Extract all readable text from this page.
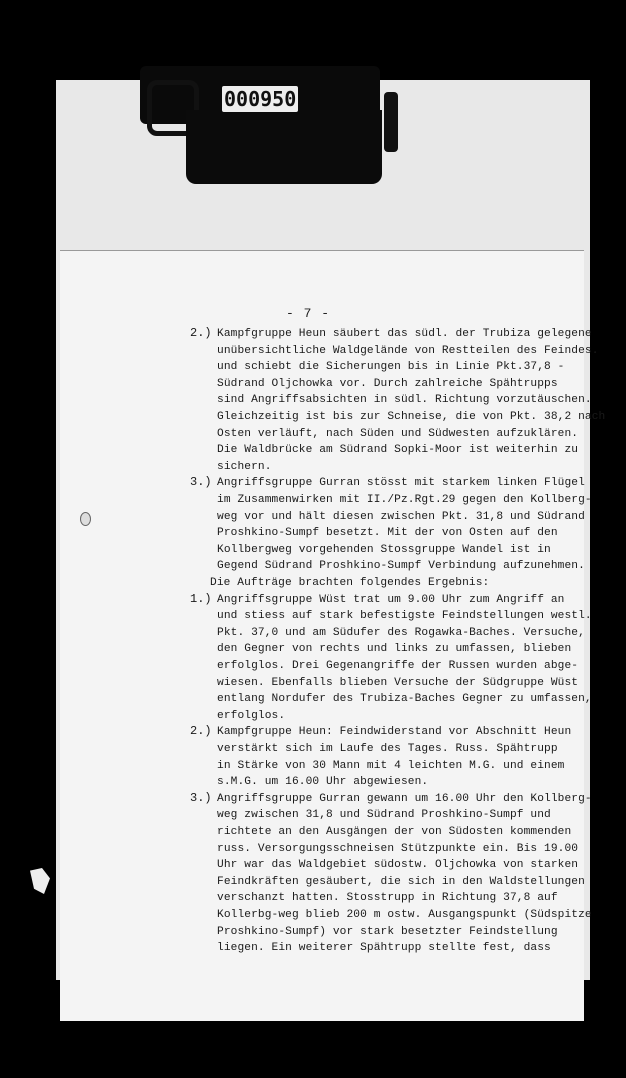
000950
- 7 -
2.) Kampfgruppe Heun säubert das südl. der Trubiza gelegene
unübersichtliche Waldgelände von Restteilen des Feindes.
und schiebt die Sicherungen bis in Linie Pkt.37,8 -
Südrand Oljchowka vor. Durch zahlreiche Spähtrupps
sind Angriffsabsichten in südl. Richtung vorzutäuschen.
Gleichzeitig ist bis zur Schneise, die von Pkt. 38,2 nach
Osten verläuft, nach Süden und Südwesten aufzuklären.
Die Waldbrücke am Südrand Sopki-Moor ist weiterhin zu
sichern.
3.) Angriffsgruppe Gurran stösst mit starkem linken Flügel
im Zusammenwirken mit II./Pz.Rgt.29 gegen den Kollberg-
weg vor und hält diesen zwischen Pkt. 31,8 und Südrand
Proshkino-Sumpf besetzt. Mit der von Osten auf den
Kollbergweg vorgehenden Stossgruppe Wandel ist in
Gegend Südrand Proshkino-Sumpf Verbindung aufzunehmen.
Die Aufträge brachten folgendes Ergebnis:
1.) Angriffsgruppe Wüst trat um 9.00 Uhr zum Angriff an
und stiess auf stark befestigste Feindstellungen westl.
Pkt. 37,0 und am Südufer des Rogawka-Baches. Versuche,
den Gegner von rechts und links zu umfassen, blieben
erfolglos. Drei Gegenangriffe der Russen wurden abge-
wiesen. Ebenfalls blieben Versuche der Südgruppe Wüst
entlang Nordufer des Trubiza-Baches Gegner zu umfassen,
erfolglos.
2.) Kampfgruppe Heun: Feindwiderstand vor Abschnitt Heun
verstärkt sich im Laufe des Tages. Russ. Spähtrupp
in Stärke von 30 Mann mit 4 leichten M.G. und einem
s.M.G. um 16.00 Uhr abgewiesen.
3.) Angriffsgruppe Gurran gewann um 16.00 Uhr den Kollberg-
weg zwischen 31,8 und Südrand Proshkino-Sumpf und
richtete an den Ausgängen der von Südosten kommenden
russ. Versorgungsschneisen Stützpunkte ein. Bis 19.00
Uhr war das Waldgebiet südostw. Oljchowka von starken
Feindkräften gesäubert, die sich in den Waldstellungen
verschanzt hatten. Stosstrupp in Richtung 37,8 auf
Kollerbg-weg blieb 200 m ostw. Ausgangspunkt (Südspitze
Proshkino-Sumpf) vor stark besetzter Feindstellung
liegen. Ein weiterer Spähtrupp stellte fest, dass
